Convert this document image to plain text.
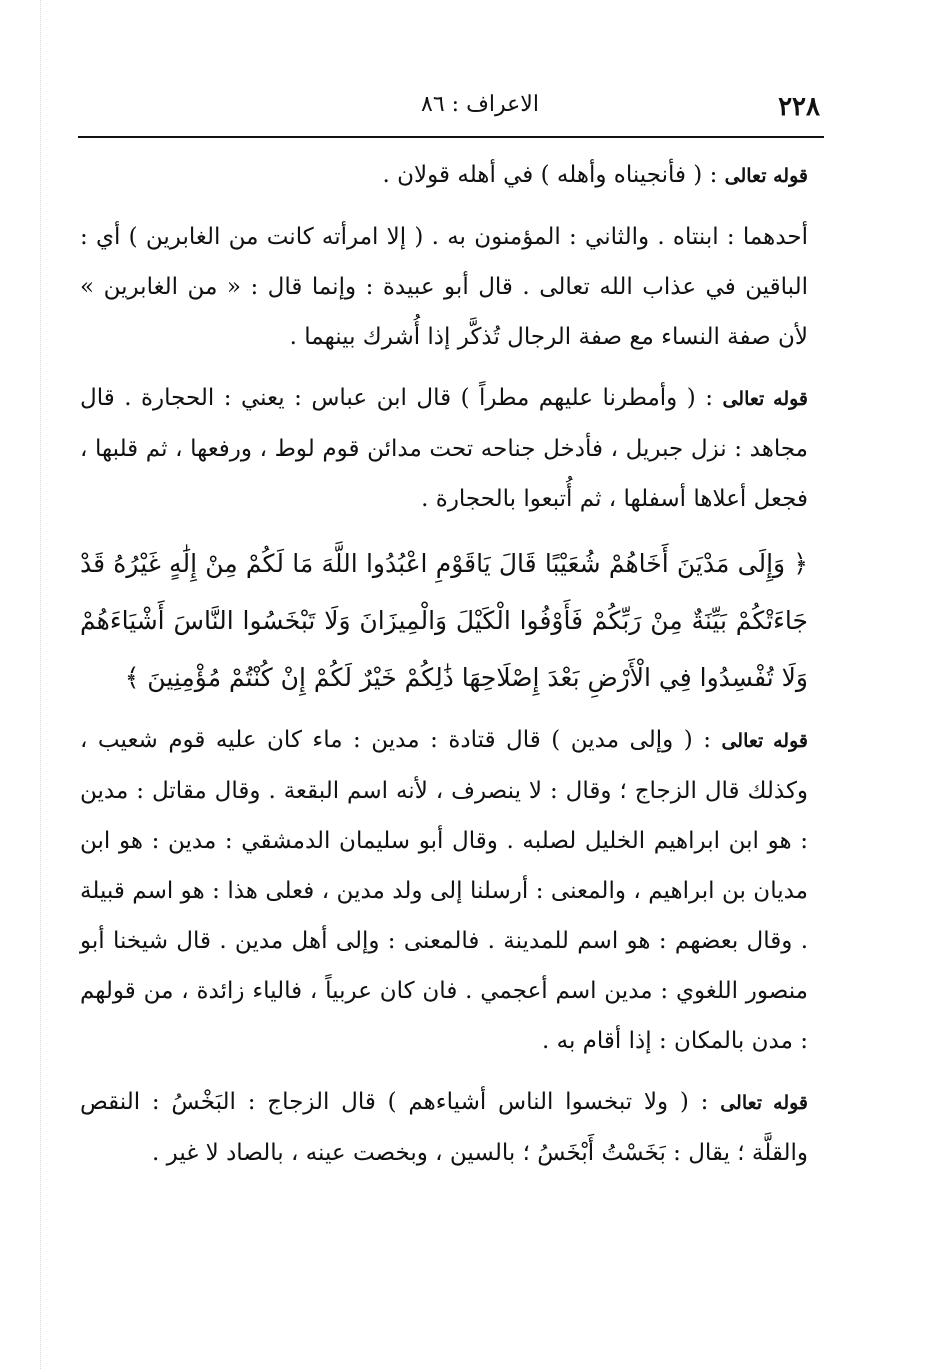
٢٢٨
الاعراف : ٨٦

قوله تعالى : ( فأنجيناه وأهله ) في أهله قولان .

أحدهما : ابنتاه . والثاني : المؤمنون به . ( إلا امرأته كانت من الغابرين ) أي : الباقين في عذاب الله تعالى . قال أبو عبيدة : وإنما قال : « من الغابرين » لأن صفة النساء مع صفة الرجال تُذكَّر إذا أُشرك بينهما .

قوله تعالى : ( وأمطرنا عليهم مطراً ) قال ابن عباس : يعني : الحجارة . قال مجاهد : نزل جبريل ، فأدخل جناحه تحت مدائن قوم لوط ، ورفعها ، ثم قلبها ، فجعل أعلاها أسفلها ، ثم أُتبعوا بالحجارة .

﴿ وَإِلَى مَدْيَنَ أَخَاهُمْ شُعَيْبًا قَالَ يَاقَوْمِ اعْبُدُوا اللَّهَ مَا لَكُمْ مِنْ إِلَٰهٍ غَيْرُهُ قَدْ جَاءَتْكُمْ بَيِّنَةٌ مِنْ رَبِّكُمْ فَأَوْفُوا الْكَيْلَ وَالْمِيزَانَ وَلَا تَبْخَسُوا النَّاسَ أَشْيَاءَهُمْ وَلَا تُفْسِدُوا فِي الْأَرْضِ بَعْدَ إِصْلَاحِهَا ذَٰلِكُمْ خَيْرٌ لَكُمْ إِنْ كُنْتُمْ مُؤْمِنِينَ ﴾

قوله تعالى : ( وإلى مدين ) قال قتادة : مدين : ماء كان عليه قوم شعيب ، وكذلك قال الزجاج ؛ وقال : لا ينصرف ، لأنه اسم البقعة . وقال مقاتل : مدين : هو ابن ابراهيم الخليل لصلبه . وقال أبو سليمان الدمشقي : مدين : هو ابن مديان بن ابراهيم ، والمعنى : أرسلنا إلى ولد مدين ، فعلى هذا : هو اسم قبيلة . وقال بعضهم : هو اسم للمدينة . فالمعنى : وإلى أهل مدين . قال شيخنا أبو منصور اللغوي : مدين اسم أعجمي . فان كان عربياً ، فالياء زائدة ، من قولهم : مدن بالمكان : إذا أقام به .

قوله تعالى : ( ولا تبخسوا الناس أشياءهم ) قال الزجاج : البَخْسُ : النقص والقلَّة ؛ يقال : بَخَسْتُ أَبْخَسُ ؛ بالسين ، وبخصت عينه ، بالصاد لا غير .
